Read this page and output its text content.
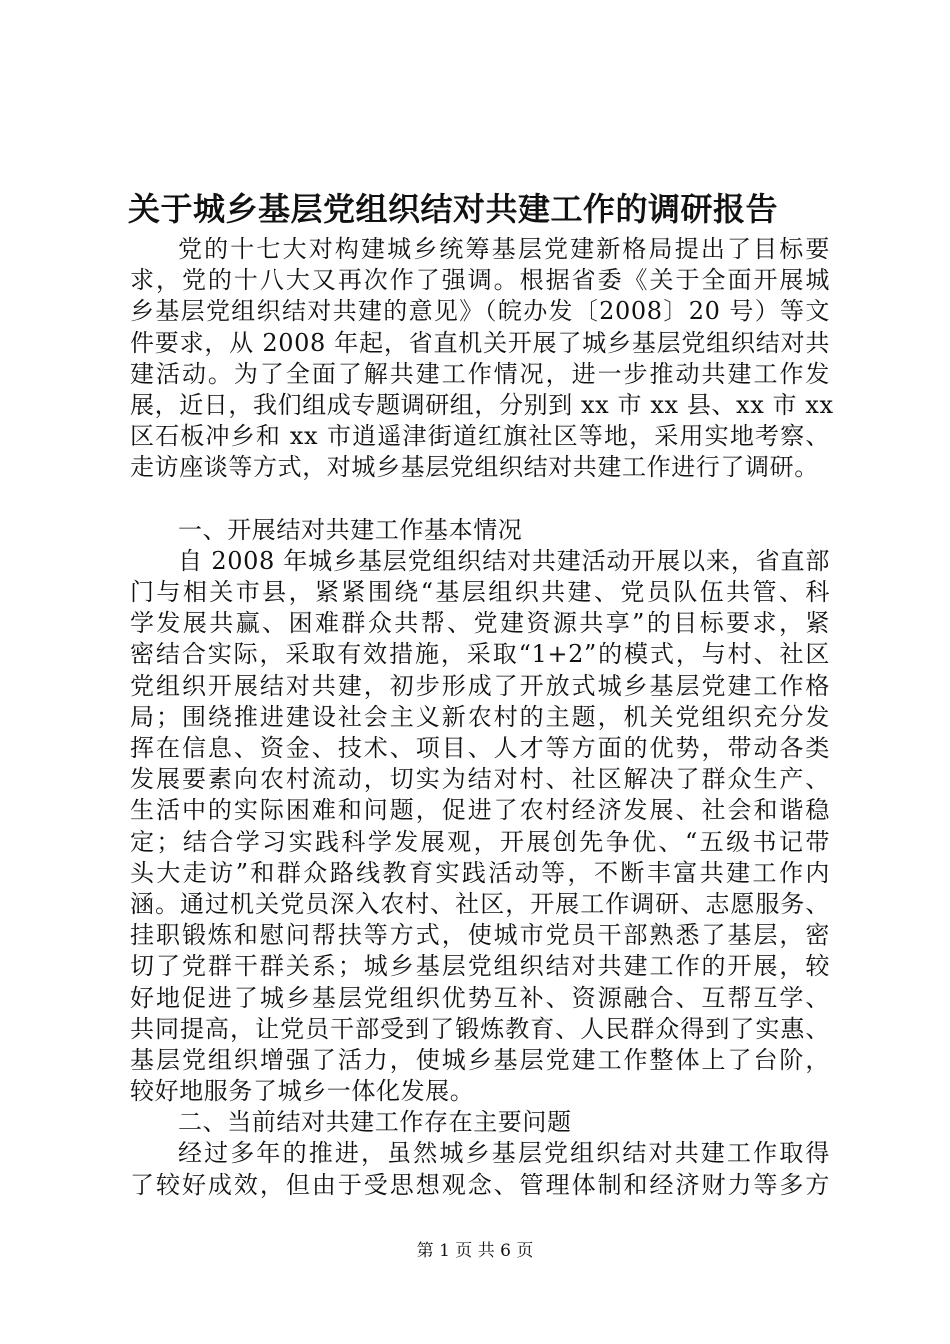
关于城乡基层党组织结对共建工作的调研报告
党的十七大对构建城乡统筹基层党建新格局提出了目标要
求，党的十八大又再次作了强调。根据省委《关于全面开展城
乡基层党组织结对共建的意见》（皖办发〔2008〕20 号）等文
件要求，从 2008 年起，省直机关开展了城乡基层党组织结对共
建活动。为了全面了解共建工作情况，进一步推动共建工作发
展，近日，我们组成专题调研组，分别到 xx 市 xx 县、xx 市 xx
区石板冲乡和 xx 市逍遥津街道红旗社区等地，采用实地考察、
走访座谈等方式，对城乡基层党组织结对共建工作进行了调研。
一、开展结对共建工作基本情况
自 2008 年城乡基层党组织结对共建活动开展以来，省直部
门与相关市县，紧紧围绕“基层组织共建、党员队伍共管、科
学发展共赢、困难群众共帮、党建资源共享”的目标要求，紧
密结合实际，采取有效措施，采取“1+2”的模式，与村、社区
党组织开展结对共建，初步形成了开放式城乡基层党建工作格
局；围绕推进建设社会主义新农村的主题，机关党组织充分发
挥在信息、资金、技术、项目、人才等方面的优势，带动各类
发展要素向农村流动，切实为结对村、社区解决了群众生产、
生活中的实际困难和问题，促进了农村经济发展、社会和谐稳
定；结合学习实践科学发展观，开展创先争优、“五级书记带
头大走访”和群众路线教育实践活动等，不断丰富共建工作内
涵。通过机关党员深入农村、社区，开展工作调研、志愿服务、
挂职锻炼和慰问帮扶等方式，使城市党员干部熟悉了基层，密
切了党群干群关系；城乡基层党组织结对共建工作的开展，较
好地促进了城乡基层党组织优势互补、资源融合、互帮互学、
共同提高，让党员干部受到了锻炼教育、人民群众得到了实惠、
基层党组织增强了活力，使城乡基层党建工作整体上了台阶，
较好地服务了城乡一体化发展。
二、当前结对共建工作存在主要问题
经过多年的推进，虽然城乡基层党组织结对共建工作取得
了较好成效，但由于受思想观念、管理体制和经济财力等多方
第 1 页 共 6 页
